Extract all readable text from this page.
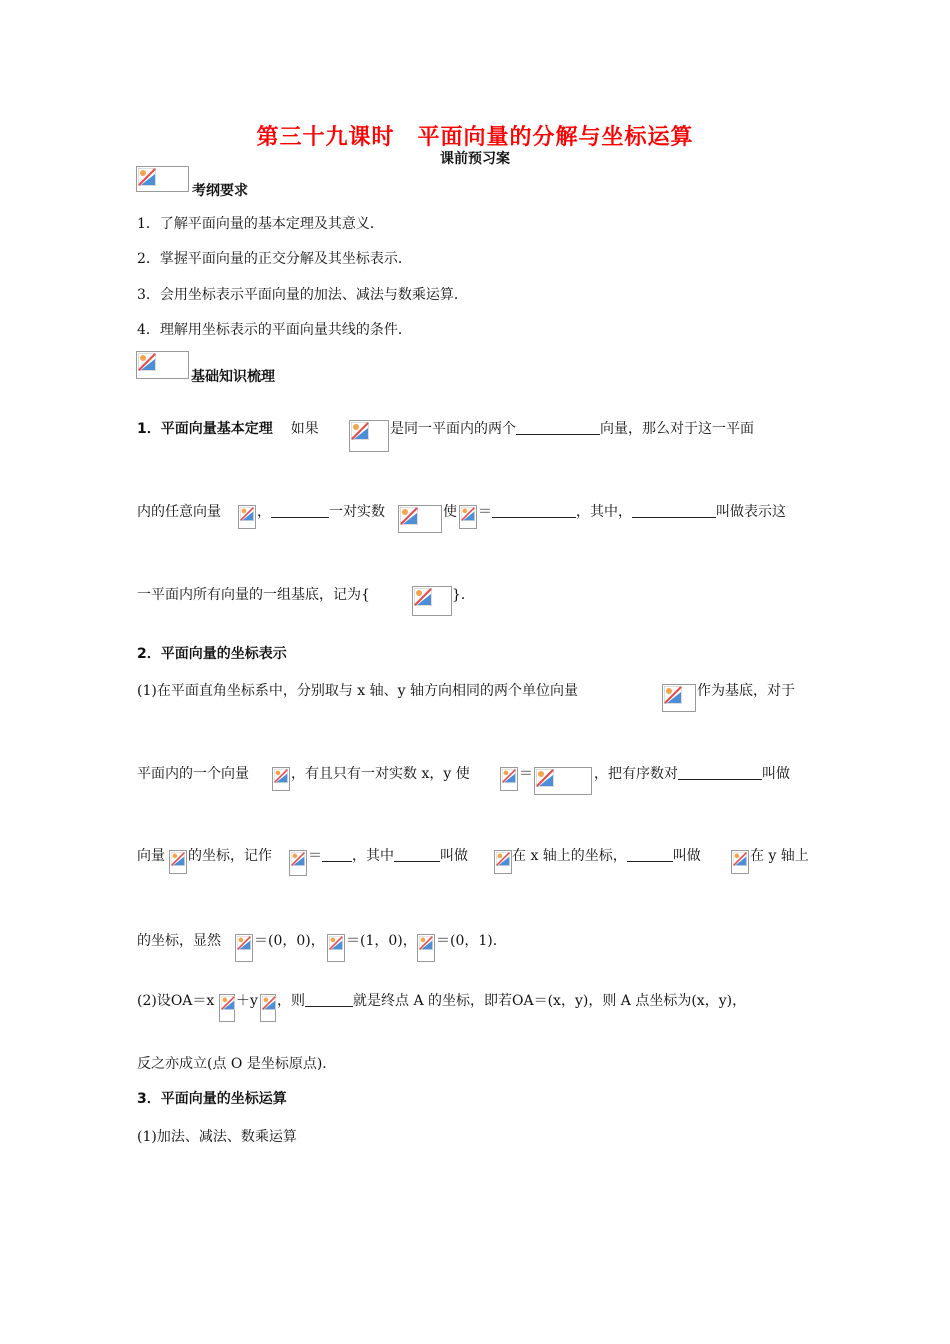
第三十九课时　平面向量的分解与坐标运算
课前预习案
考纲要求
1．了解平面向量的基本定理及其意义．
2．掌握平面向量的正交分解及其坐标表示．
3．会用坐标表示平面向量的加法、减法与数乘运算．
4．理解用坐标表示的平面向量共线的条件．
基础知识梳理
1．平面向量基本定理 如果	是同一平面内的两个	向量，那么对于这一平面
内的任意向量	，	一对实数	使 ＝	，其中，	叫做表示这
一平面内所有向量的一组基底，记为{	}．
2．平面向量的坐标表示
(1)在平面直角坐标系中，分别取与 x 轴、y 轴方向相同的两个单位向量	作为基底，对于
平面内的一个向量	，有且只有一对实数 x，y 使	＝	，把有序数对	叫做
向量 的坐标，记作	＝ ，其中	叫做	在 x 轴上的坐标，	叫做	在 y 轴上
的坐标，显然 ＝(0，0)， ＝(1，0)， ＝(0，1)．
(2)设OA＝x ＋y ，则	就是终点 A 的坐标，即若OA＝(x，y)，则 A 点坐标为(x，y)，
反之亦成立(点 O 是坐标原点)．
3．平面向量的坐标运算
(1)加法、减法、数乘运算
